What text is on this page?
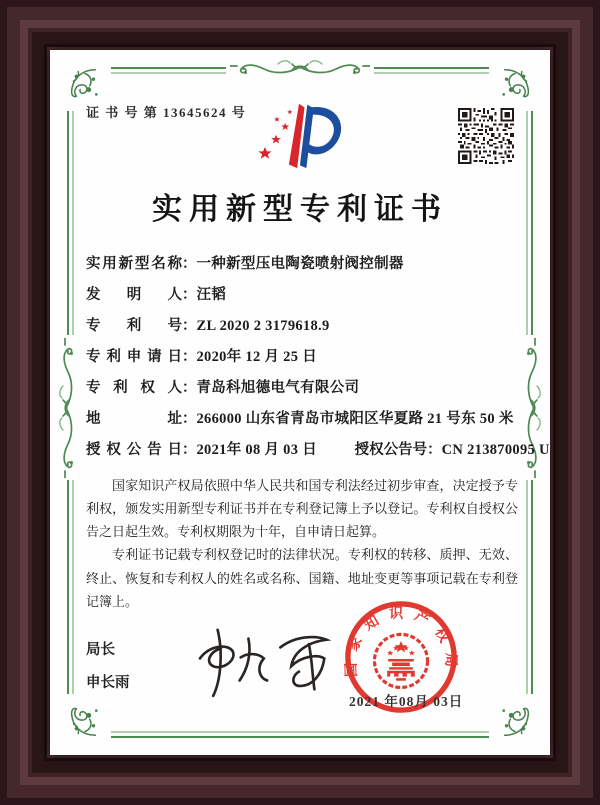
证 书 号 第 13645624 号
实用新型专利证书
实用新型名称：一种新型压电陶瓷喷射阀控制器
发明人：汪韬
专利号：ZL 2020 2 3179618.9
专利申请日：2020年 12 月 25 日
专利权人：青岛科旭德电气有限公司
地址：266000 山东省青岛市城阳区华夏路 21 号东 50 米
授权公告日：2021年 08 月 03 日	授权公告号：CN 213870095 U

国家知识产权局依照中华人民共和国专利法经过初步审查，决定授予专利权，颁发实用新型专利证书并在专利登记簿上予以登记。专利权自授权公告之日起生效。专利权期限为十年，自申请日起算。

专利证书记载专利权登记时的法律状况。专利权的转移、质押、无效、终止、恢复和专利权人的姓名或名称、国籍、地址变更等事项记载在专利登记簿上。

局长
申长雨
国家知识产权局
2021 年08月 03日
